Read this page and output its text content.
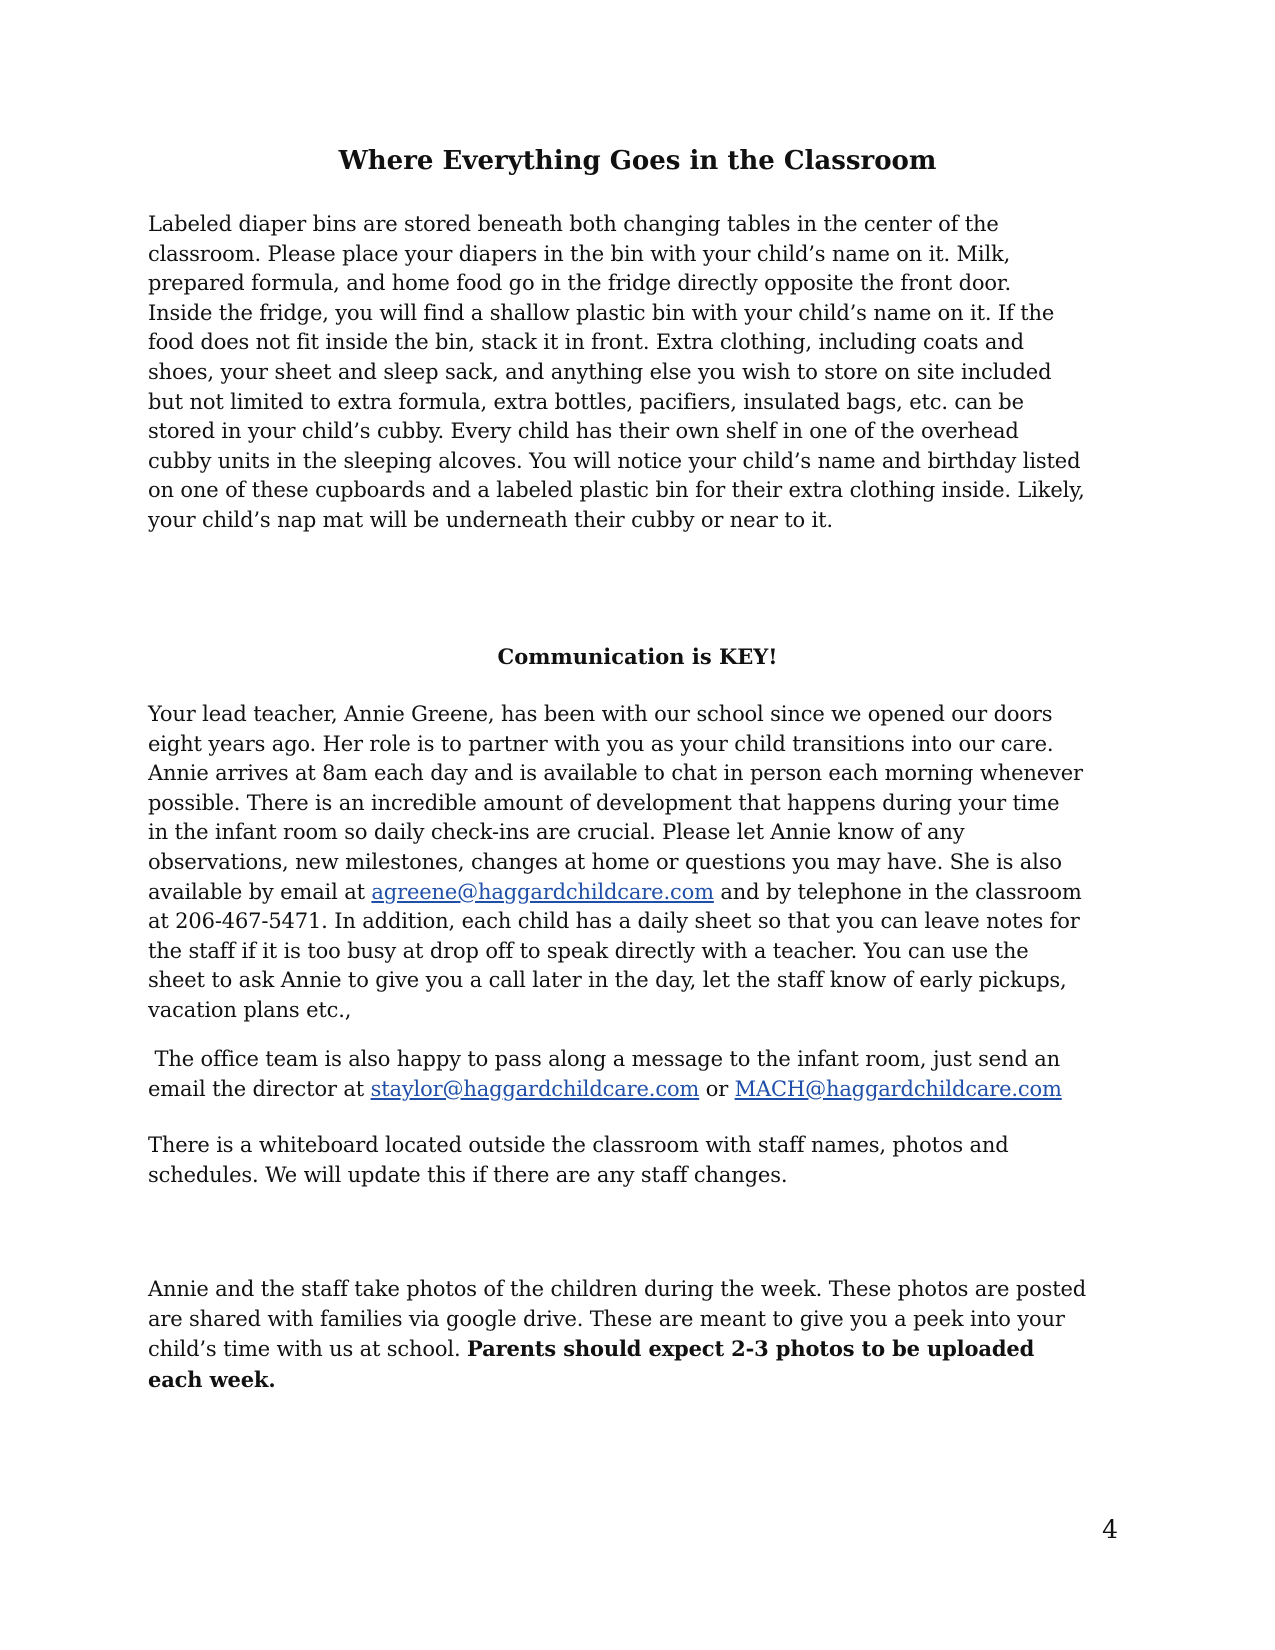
Where Everything Goes in the Classroom

Labeled diaper bins are stored beneath both changing tables in the center of the
classroom. Please place your diapers in the bin with your child’s name on it. Milk,
prepared formula, and home food go in the fridge directly opposite the front door.
Inside the fridge, you will find a shallow plastic bin with your child’s name on it. If the
food does not fit inside the bin, stack it in front. Extra clothing, including coats and
shoes, your sheet and sleep sack, and anything else you wish to store on site included
but not limited to extra formula, extra bottles, pacifiers, insulated bags, etc. can be
stored in your child’s cubby. Every child has their own shelf in one of the overhead
cubby units in the sleeping alcoves. You will notice your child’s name and birthday listed
on one of these cupboards and a labeled plastic bin for their extra clothing inside. Likely,
your child’s nap mat will be underneath their cubby or near to it.

Communication is KEY!

Your lead teacher, Annie Greene, has been with our school since we opened our doors
eight years ago. Her role is to partner with you as your child transitions into our care.
Annie arrives at 8am each day and is available to chat in person each morning whenever
possible. There is an incredible amount of development that happens during your time
in the infant room so daily check-ins are crucial. Please let Annie know of any
observations, new milestones, changes at home or questions you may have. She is also
available by email at agreene@haggardchildcare.com and by telephone in the classroom
at 206-467-5471. In addition, each child has a daily sheet so that you can leave notes for
the staff if it is too busy at drop off to speak directly with a teacher. You can use the
sheet to ask Annie to give you a call later in the day, let the staff know of early pickups,
vacation plans etc.,

The office team is also happy to pass along a message to the infant room, just send an
email the director at staylor@haggardchildcare.com or MACH@haggardchildcare.com

There is a whiteboard located outside the classroom with staff names, photos and
schedules. We will update this if there are any staff changes.

Annie and the staff take photos of the children during the week. These photos are posted
are shared with families via google drive. These are meant to give you a peek into your
child’s time with us at school. Parents should expect 2-3 photos to be uploaded
each week.

4
